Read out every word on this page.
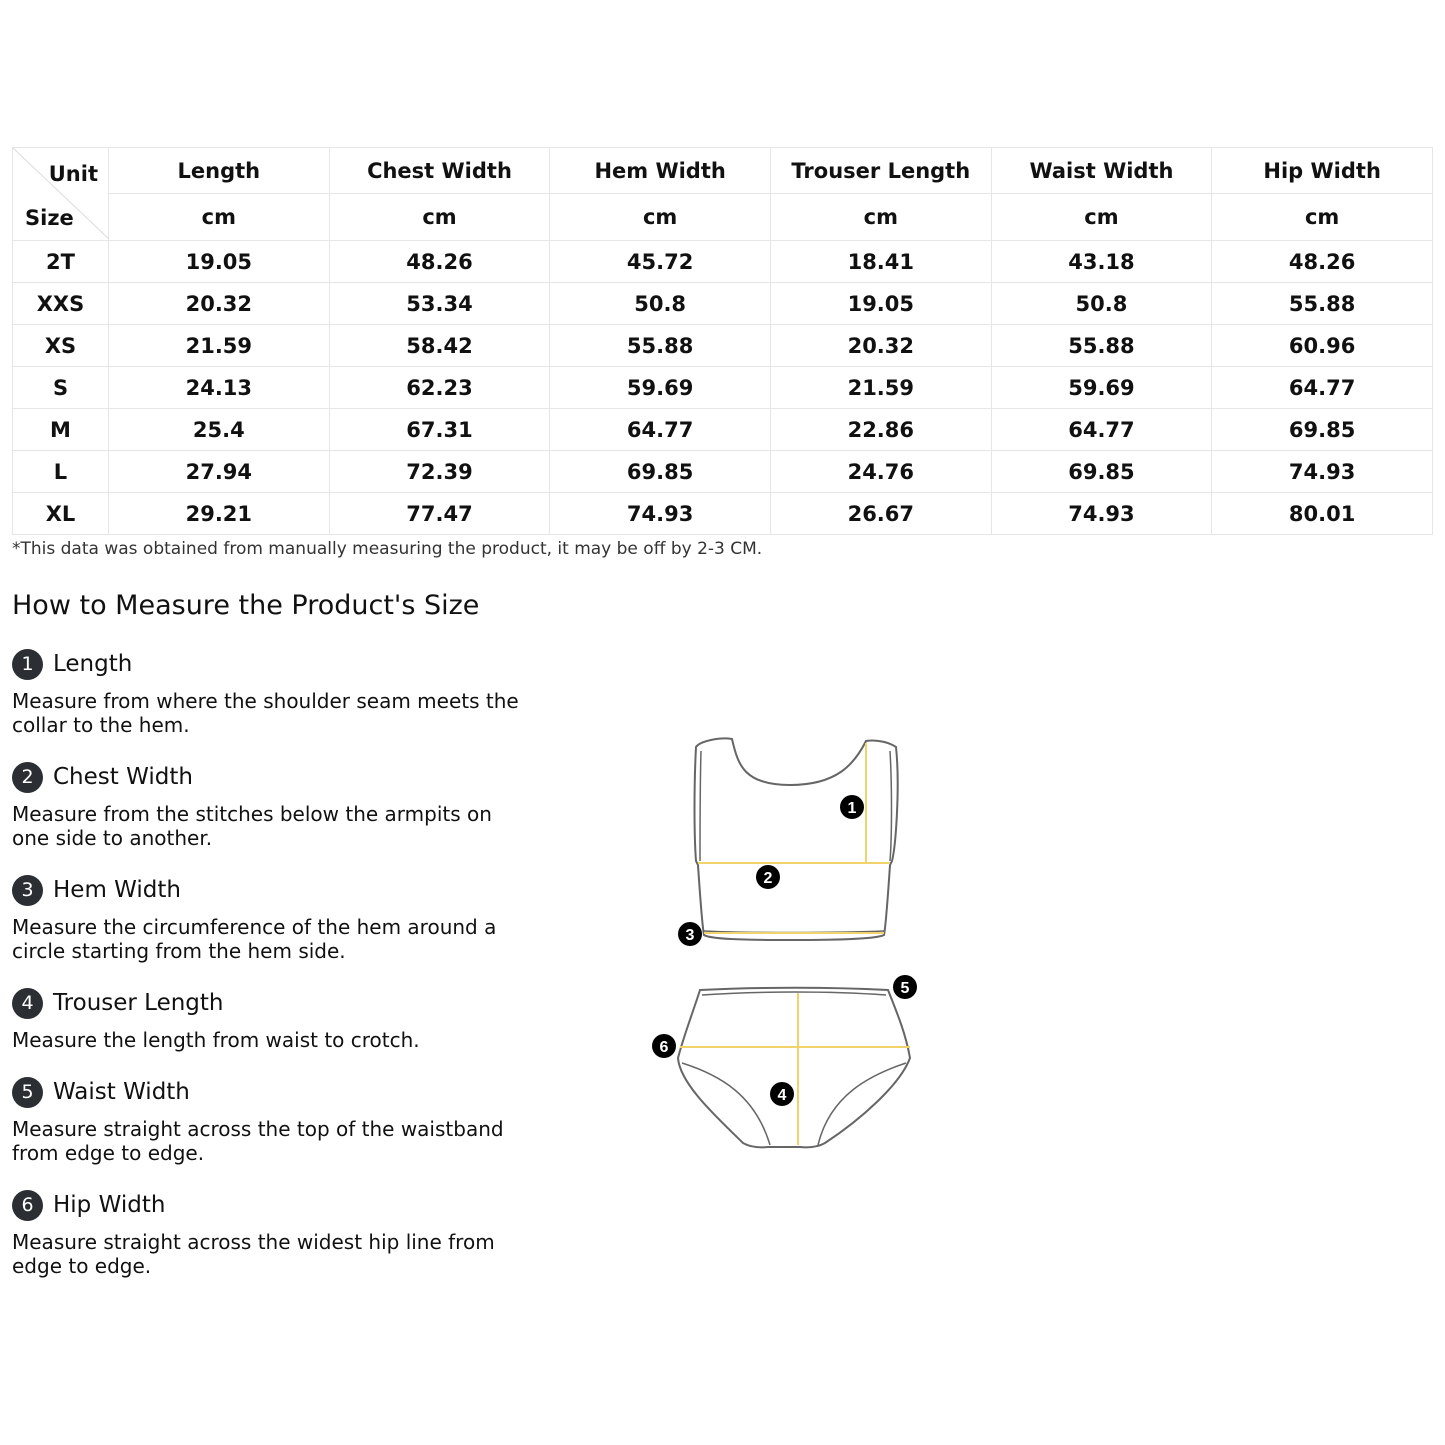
Unit
Size	Length	Chest Width	Hem Width	Trouser Length	Waist Width	Hip Width
	cm	cm	cm	cm	cm	cm
2T	19.05	48.26	45.72	18.41	43.18	48.26
XXS	20.32	53.34	50.8	19.05	50.8	55.88
XS	21.59	58.42	55.88	20.32	55.88	60.96
S	24.13	62.23	59.69	21.59	59.69	64.77
M	25.4	67.31	64.77	22.86	64.77	69.85
L	27.94	72.39	69.85	24.76	69.85	74.93
XL	29.21	77.47	74.93	26.67	74.93	80.01
*This data was obtained from manually measuring the product, it may be off by 2-3 CM.
How to Measure the Product's Size
1 Length
Measure from where the shoulder seam meets the collar to the hem.
2 Chest Width
Measure from the stitches below the armpits on one side to another.
3 Hem Width
Measure the circumference of the hem around a circle starting from the hem side.
4 Trouser Length
Measure the length from waist to crotch.
5 Waist Width
Measure straight across the top of the waistband from edge to edge.
6 Hip Width
Measure straight across the widest hip line from edge to edge.
1
2
3
4
5
6
